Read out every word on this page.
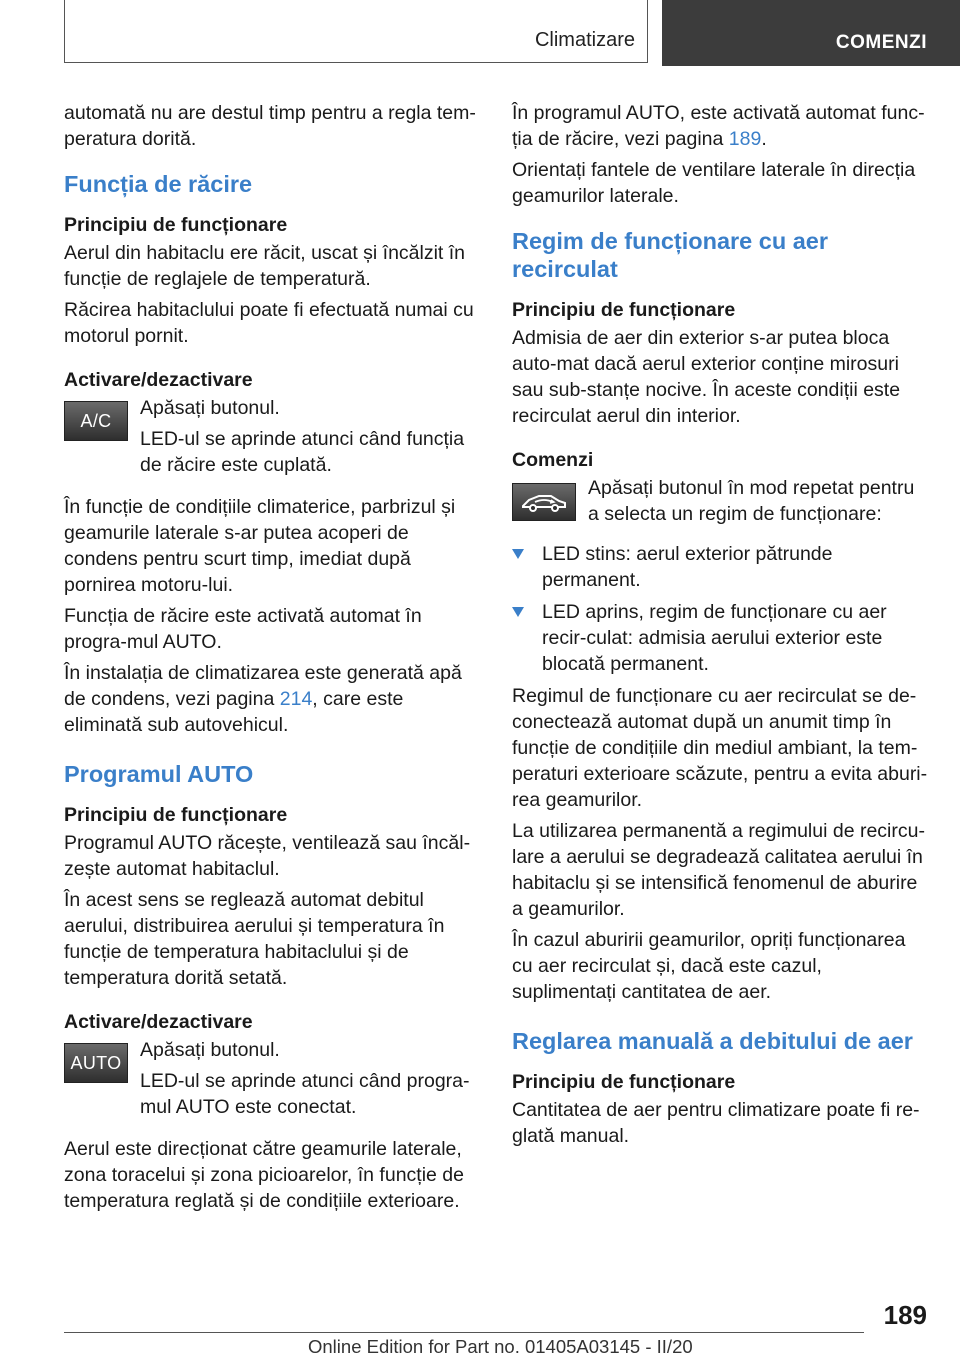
Climatizare	COMENZI

automată nu are destul timp pentru a regla tem‐peratura dorită.

Funcția de răcire
Principiu de funcționare

Aerul din habitaclu ere răcit, uscat și încălzit în funcție de reglajele de temperatură.

Răcirea habitaclului poate fi efectuată numai cu motorul pornit.

Activare/dezactivare
A/C

Apăsați butonul.

LED-ul se aprinde atunci când funcția de răcire este cuplată.

În funcție de condițiile climaterice, parbrizul și geamurile laterale s-ar putea acoperi de condens pentru scurt timp, imediat după pornirea motoru‐lui.

Funcția de răcire este activată automat în progra‐mul AUTO.

În instalația de climatizarea este generată apă de condens, vezi pagina 214, care este eliminată sub autovehicul.

Programul AUTO
Principiu de funcționare

Programul AUTO răcește, ventilează sau încăl‐zește automat habitaclul.

În acest sens se reglează automat debitul aerului, distribuirea aerului și temperatura în funcție de temperatura habitaclului și de temperatura dorită setată.

Activare/dezactivare
AUTO

Apăsați butonul.

LED-ul se aprinde atunci când progra‐mul AUTO este conectat.

Aerul este direcționat către geamurile laterale, zona toracelui și zona picioarelor, în funcție de temperatura reglată și de condițiile exterioare.

În programul AUTO, este activată automat func‐ția de răcire, vezi pagina 189.

Orientați fantele de ventilare laterale în direcția geamurilor laterale.

Regim de funcționare cu aer recirculat
Principiu de funcționare

Admisia de aer din exterior s-ar putea bloca auto‐mat dacă aerul exterior conține mirosuri sau sub‐stanțe nocive. În aceste condiții este recirculat aerul din interior.

Comenzi

Apăsați butonul în mod repetat pentru a selecta un regim de funcționare:

LED stins: aerul exterior pătrunde permanent.
LED aprins, regim de funcționare cu aer recir‐culat: admisia aerului exterior este blocată permanent.

Regimul de funcționare cu aer recirculat se de‐conectează automat după un anumit timp în funcție de condițiile din mediul ambiant, la tem‐peraturi exterioare scăzute, pentru a evita aburi‐rea geamurilor.

La utilizarea permanentă a regimului de recircu‐lare a aerului se degradează calitatea aerului în habitaclu și se intensifică fenomenul de aburire a geamurilor.

În cazul aburirii geamurilor, opriți funcționarea cu aer recirculat și, dacă este cazul, suplimentați cantitatea de aer.

Reglarea manuală a debitului de aer
Principiu de funcționare

Cantitatea de aer pentru climatizare poate fi re‐glată manual.

189
Online Edition for Part no. 01405A03145 - II/20
